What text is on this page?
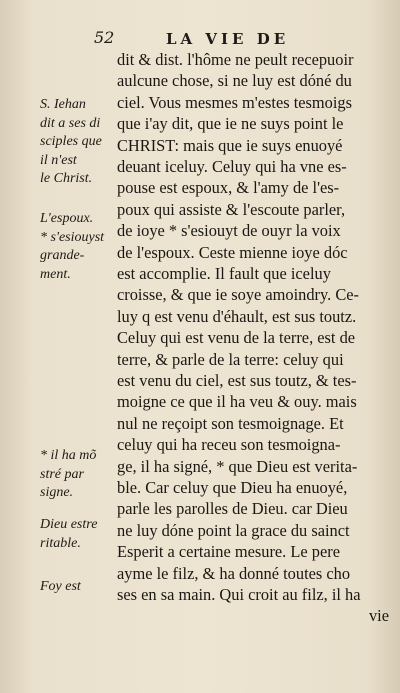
52	LA VIE DE
dit & dist. l'hôme ne peult recepuoir
aulcune chose, si ne luy est dóné du
ciel. Vous mesmes m'estes tesmoigs
que i'ay dit, que ie ne suys point le
CHRIST: mais que ie suys enuoyé
deuant iceluy. Celuy qui ha vne es-
pouse est espoux, & l'amy de l'es-
poux qui assiste & l'escoute parler,
de ioye * s'esiouyt de ouyr la voix
de l'espoux. Ceste mienne ioye dóc
est accomplie. Il fault que iceluy
croisse, & que ie soye amoindry. Ce-
luy q est venu d'éhault, est sus toutz.
Celuy qui est venu de la terre, est de
terre, & parle de la terre: celuy qui
est venu du ciel, est sus toutz, & tes-
moigne ce que il ha veu & ouy. mais
nul ne reçoipt son tesmoignage. Et
celuy qui ha receu son tesmoigna-
ge, il ha signé, * que Dieu est verita-
ble. Car celuy que Dieu ha enuoyé,
parle les parolles de Dieu. car Dieu
ne luy dóne point la grace du sainct
Esperit a certaine mesure. Le pere
ayme le filz, & ha donné toutes cho
ses en sa main. Qui croit au filz, il ha
vie
S. Iehan
dit a ses di
sciples que
il n'est
le Christ.
L'espoux.
* s'esiouyst
grande-
ment.
* il ha mõ
stré par
signe.
Dieu estre
ritable.
Foy est
